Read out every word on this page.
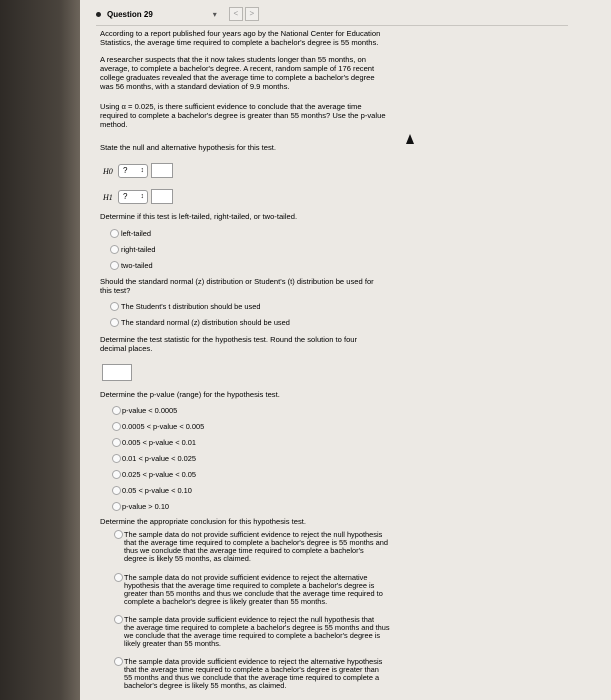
Question 29	▾	<	>

According to a report published four years ago by the National Center for Education

Statistics, the average time required to complete a bachelor's degree is 55 months.

A researcher suspects that the it now takes students longer than 55 months, on

average, to complete a bachelor's degree. A recent, random sample of 176 recent

college graduates revealed that the average time to complete a bachelor's degree

was 56 months, with a standard deviation of 9.9 months.

Using α = 0.025, is there sufficient evidence to conclude that the average time

required to complete a bachelor's degree is greater than 55 months? Use the p-value

method.

State the null and alternative hypothesis for this test.

H0	? ↕
H1	? ↕

Determine if this test is left-tailed, right-tailed, or two-tailed.

left-tailed
right-tailed
two-tailed

Should the standard normal (z) distribution or Student's (t) distribution be used for

this test?

The Student's t distribution should be used
The standard normal (z) distribution should be used

Determine the test statistic for the hypothesis test. Round the solution to four

decimal places.

Determine the p-value (range) for the hypothesis test.

p-value < 0.0005
0.0005 < p-value < 0.005
0.005 < p-value < 0.01
0.01 < p-value < 0.025
0.025 < p-value < 0.05
0.05 < p-value < 0.10
p-value > 0.10

Determine the appropriate conclusion for this hypothesis test.

The sample data do not provide sufficient evidence to reject the null hypothesis
that the average time required to complete a bachelor's degree is 55 months and
thus we conclude that the average time required to complete a bachelor's
degree is likely 55 months, as claimed.
The sample data do not provide sufficient evidence to reject the alternative
hypothesis that the average time required to complete a bachelor's degree is
greater than 55 months and thus we conclude that the average time required to
complete a bachelor's degree is likely greater than 55 months.
The sample data provide sufficient evidence to reject the null hypothesis that
the average time required to complete a bachelor's degree is 55 months and thus
we conclude that the average time required to complete a bachelor's degree is
likely greater than 55 months.
The sample data provide sufficient evidence to reject the alternative hypothesis
that the average time required to complete a bachelor's degree is greater than
55 months and thus we conclude that the average time required to complete a
bachelor's degree is likely 55 months, as claimed.
